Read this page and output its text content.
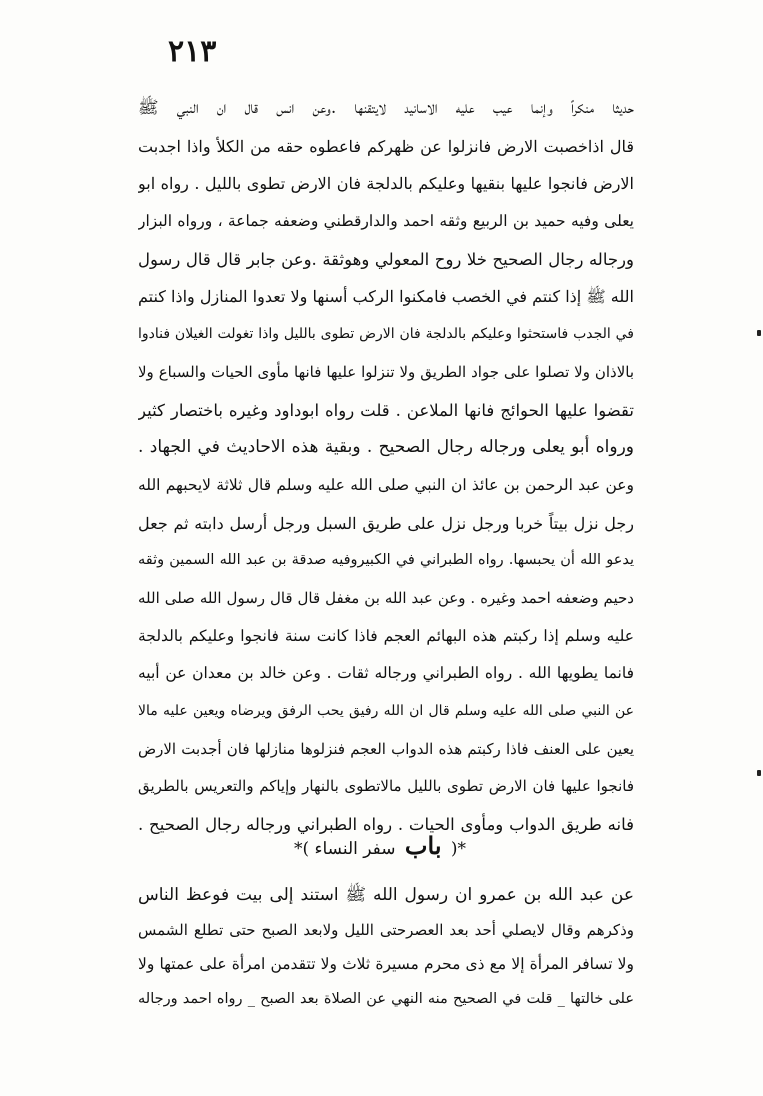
٢١٣
حديثا منكراً وإنما عيب عليه الاسانيد لايتقنها .وعن انس قال ان النبي ﷺ
قال اذاخصبت الارض فانزلوا عن ظهركم فاعطوه حقه من الكلأ واذا اجدبت
الارض فانجوا عليها بنقيها وعليكم بالدلجة فان الارض تطوى بالليل . رواه ابو
يعلى وفيه حميد بن الربيع وثقه احمد والدارقطني وضعفه جماعة ، ورواه البزار
ورجاله رجال الصحيح خلا روح المعولي وهوثقة .وعن جابر قال قال رسول
الله ﷺ إذا كنتم في الخصب فامكنوا الركب أسنها ولا تعدوا المنازل واذا كنتم
في الجدب فاستحثوا وعليكم بالدلجة فان الارض تطوى بالليل واذا تغولت الغيلان فنادوا
بالاذان ولا تصلوا على جواد الطريق ولا تنزلوا عليها فانها مأوى الحيات والسباع ولا
تقضوا عليها الحوائج فانها الملاعن . قلت رواه ابوداود وغيره باختصار كثير
ورواه أبو يعلى ورجاله رجال الصحيح . وبقية هذه الاحاديث في الجهاد .
وعن عبد الرحمن بن عائذ ان النبي صلى الله عليه وسلم قال ثلاثة لايحبهم الله
رجل نزل بيتاً خربا ورجل نزل على طريق السبل ورجل أرسل دابته ثم جعل
يدعو الله أن يحبسها. رواه الطبراني في الكبيروفيه صدقة بن عبد الله السمين وثقه
دحيم وضعفه احمد وغيره . وعن عبد الله بن مغفل قال قال رسول الله صلى الله
عليه وسلم إذا ركبتم هذه البهائم العجم فاذا كانت سنة فانجوا وعليكم بالدلجة
فانما يطويها الله . رواه الطبراني ورجاله ثقات . وعن خالد بن معدان عن أبيه
عن النبي صلى الله عليه وسلم قال ان الله رفيق يحب الرفق ويرضاه ويعين عليه مالا
يعين على العنف فاذا ركبتم هذه الدواب العجم فنزلوها منازلها فان أجدبت الارض
فانجوا عليها فان الارض تطوى بالليل مالاتطوى بالنهار وإياكم والتعريس بالطريق
فانه طريق الدواب ومأوى الحيات . رواه الطبراني ورجاله رجال الصحيح .
*( باب سفر النساء )*
عن عبد الله بن عمرو ان رسول الله ﷺ استند إلى بيت فوعظ الناس
وذكرهم وقال لايصلي أحد بعد العصرحتى الليل ولابعد الصبح حتى تطلع الشمس
ولا تسافر المرأة إلا مع ذى محرم مسيرة ثلاث ولا تتقدمن امرأة على عمتها ولا
على خالتها _ قلت في الصحيح منه النهي عن الصلاة بعد الصبح _ رواه احمد ورجاله
